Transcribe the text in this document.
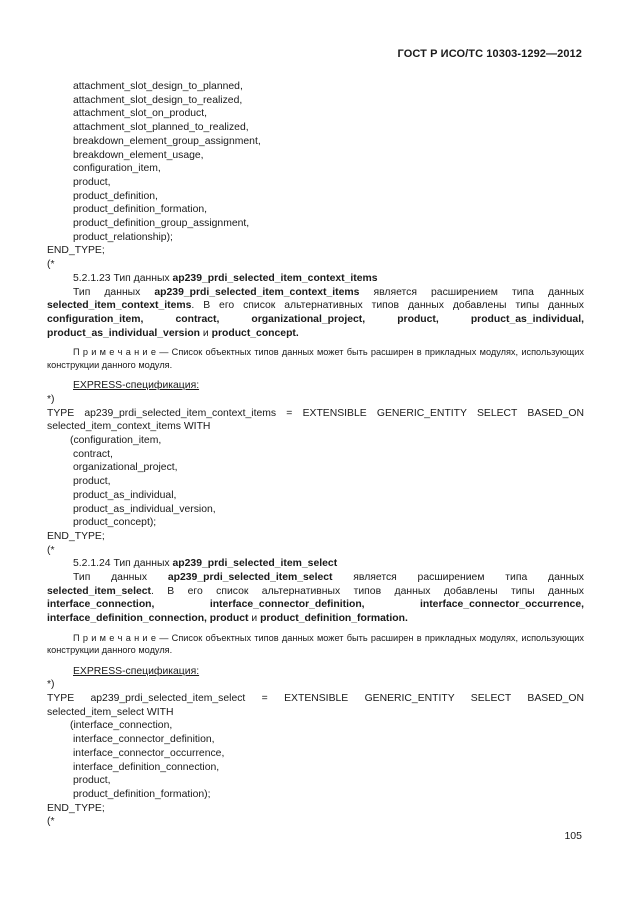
ГОСТ Р ИСО/ТС 10303-1292—2012
attachment_slot_design_to_planned,
attachment_slot_design_to_realized,
attachment_slot_on_product,
attachment_slot_planned_to_realized,
breakdown_element_group_assignment,
breakdown_element_usage,
configuration_item,
product,
product_definition,
product_definition_formation,
product_definition_group_assignment,
product_relationship);
END_TYPE;
(*
5.2.1.23 Тип данных ap239_prdi_selected_item_context_items
Тип данных ap239_prdi_selected_item_context_items является расширением типа данных selected_item_context_items. В его список альтернативных типов данных добавлены типы данных configuration_item, contract, organizational_project, product, product_as_individual, product_as_individual_version и product_concept.
П р и м е ч а н и е — Список объектных типов данных может быть расширен в прикладных модулях, использующих конструкции данного модуля.
EXPRESS-спецификация:
*)
TYPE ap239_prdi_selected_item_context_items = EXTENSIBLE GENERIC_ENTITY SELECT BASED_ON
selected_item_context_items WITH
(configuration_item,
contract,
organizational_project,
product,
product_as_individual,
product_as_individual_version,
product_concept);
END_TYPE;
(*
5.2.1.24 Тип данных ap239_prdi_selected_item_select
Тип данных ap239_prdi_selected_item_select является расширением типа данных selected_item_select. В его список альтернативных типов данных добавлены типы данных interface_connection, interface_connector_definition, interface_connector_occurrence, interface_definition_connection, product и product_definition_formation.
П р и м е ч а н и е — Список объектных типов данных может быть расширен в прикладных модулях, использующих конструкции данного модуля.
EXPRESS-спецификация:
*)
TYPE ap239_prdi_selected_item_select = EXTENSIBLE GENERIC_ENTITY SELECT BASED_ON
selected_item_select WITH
(interface_connection,
interface_connector_definition,
interface_connector_occurrence,
interface_definition_connection,
product,
product_definition_formation);
END_TYPE;
(*
105
